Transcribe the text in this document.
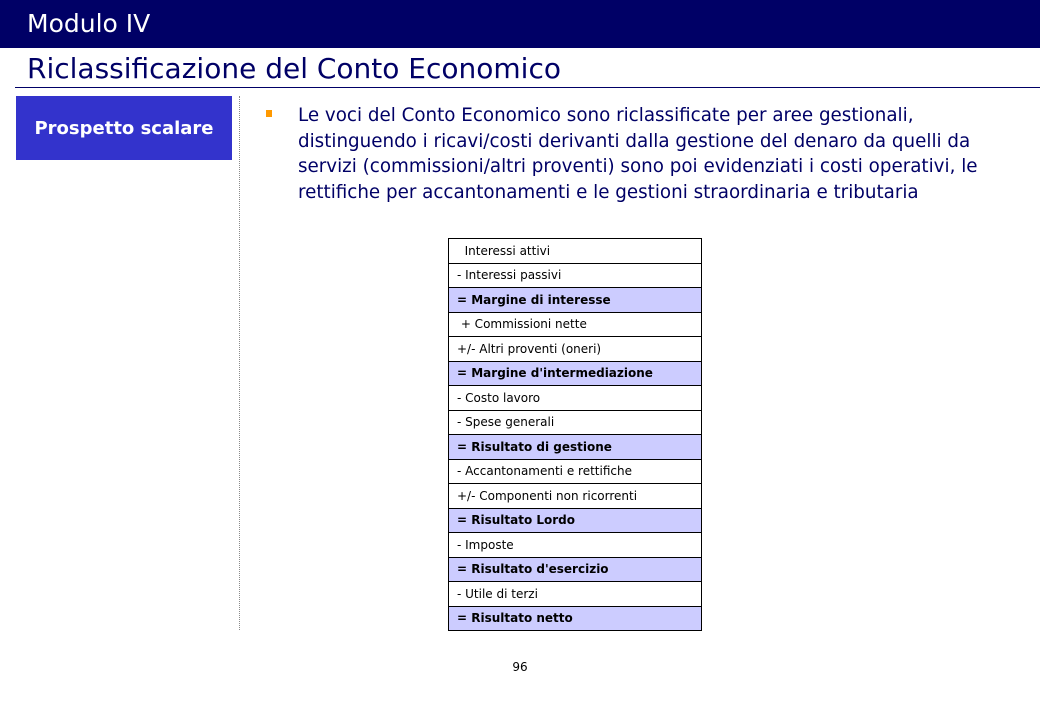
Modulo IV
Riclassificazione del Conto Economico
Prospetto scalare
Le voci del Conto Economico sono riclassificate per aree gestionali, distinguendo i ricavi/costi derivanti dalla gestione del denaro da quelli da servizi (commissioni/altri proventi) sono poi evidenziati i costi operativi, le rettifiche per accantonamenti e le gestioni straordinaria e tributaria
Interessi attivi
- Interessi passivi
= Margine di interesse
+ Commissioni nette
+/- Altri proventi (oneri)
= Margine d'intermediazione
- Costo lavoro
- Spese generali
= Risultato di gestione
- Accantonamenti e rettifiche
+/- Componenti non ricorrenti
= Risultato Lordo
- Imposte
= Risultato d'esercizio
- Utile di terzi
= Risultato netto
96
